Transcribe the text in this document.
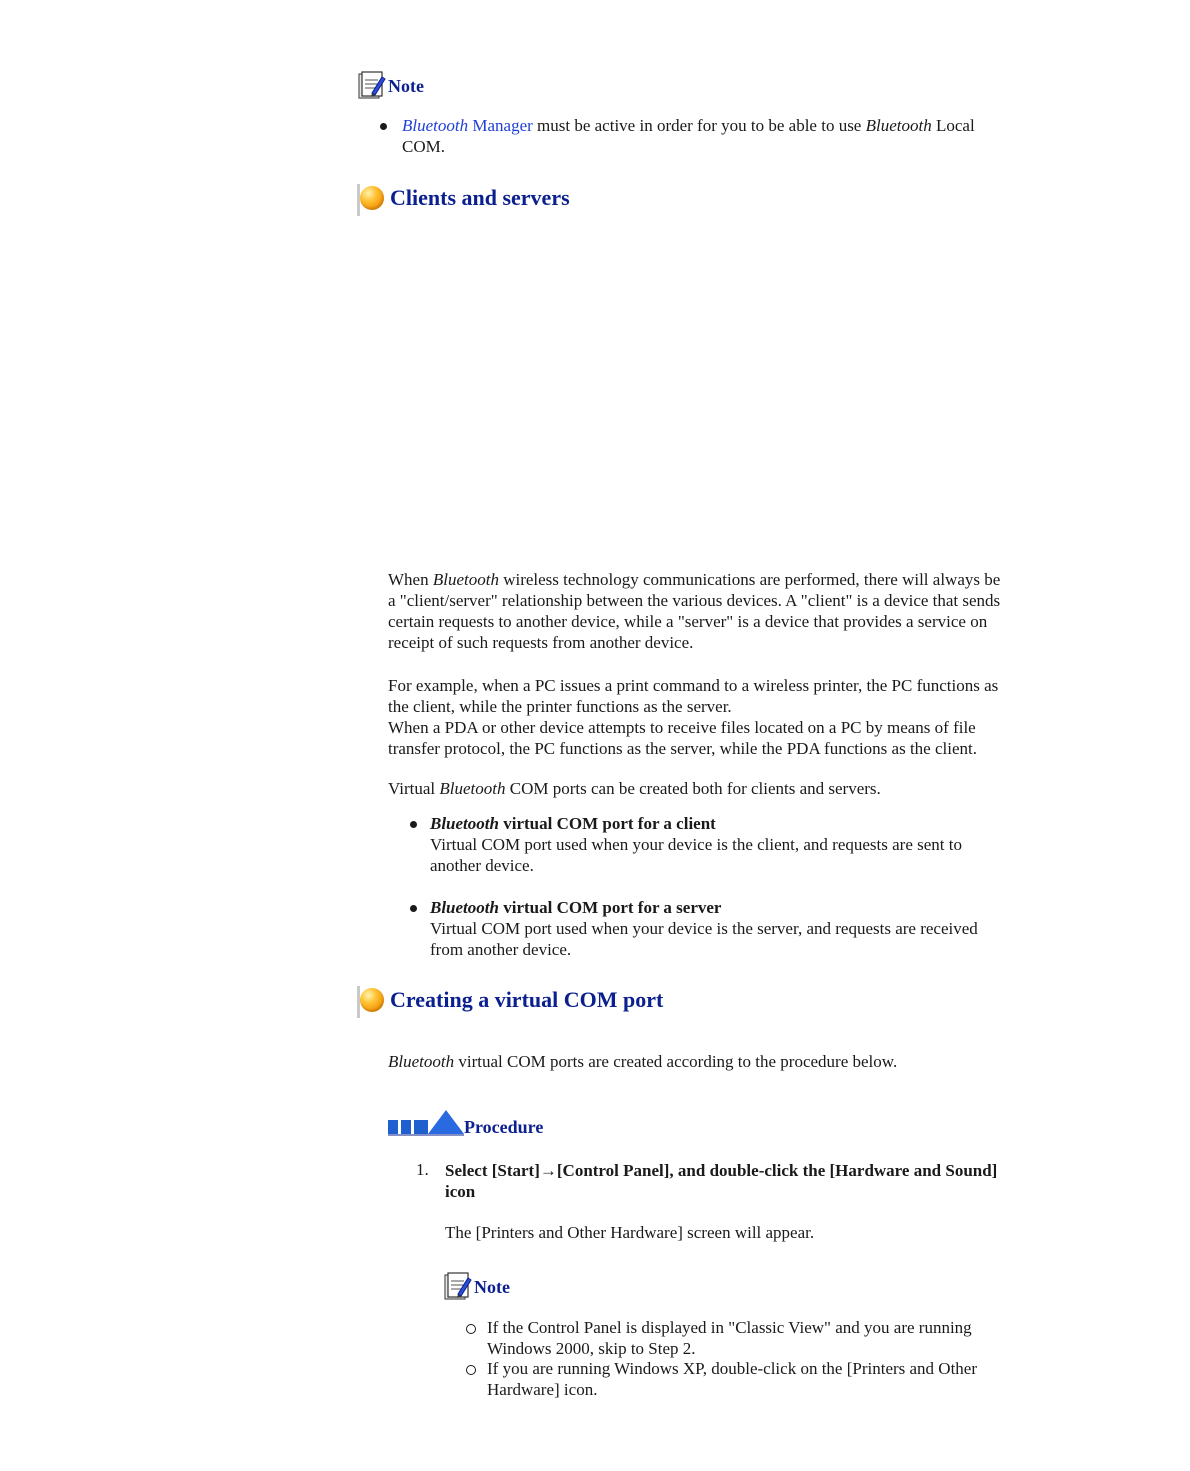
Note

Bluetooth Manager must be active in order for you to be able to use Bluetooth Local

COM.

Clients and servers

When Bluetooth wireless technology communications are performed, there will always be

a "client/server" relationship between the various devices. A "client" is a device that sends

certain requests to another device, while a "server" is a device that provides a service on

receipt of such requests from another device.

For example, when a PC issues a print command to a wireless printer, the PC functions as

the client, while the printer functions as the server.

When a PDA or other device attempts to receive files located on a PC by means of file

transfer protocol, the PC functions as the server, while the PDA functions as the client.

Virtual Bluetooth COM ports can be created both for clients and servers.

Bluetooth virtual COM port for a client

Virtual COM port used when your device is the client, and requests are sent to

another device.

Bluetooth virtual COM port for a server

Virtual COM port used when your device is the server, and requests are received

from another device.

Creating a virtual COM port

Bluetooth virtual COM ports are created according to the procedure below.

Procedure
1. Select [Start]→[Control Panel], and double-click the [Hardware and Sound]

icon

The [Printers and Other Hardware] screen will appear.

Note

If the Control Panel is displayed in "Classic View" and you are running

Windows 2000, skip to Step 2.

If you are running Windows XP, double-click on the [Printers and Other

Hardware] icon.
